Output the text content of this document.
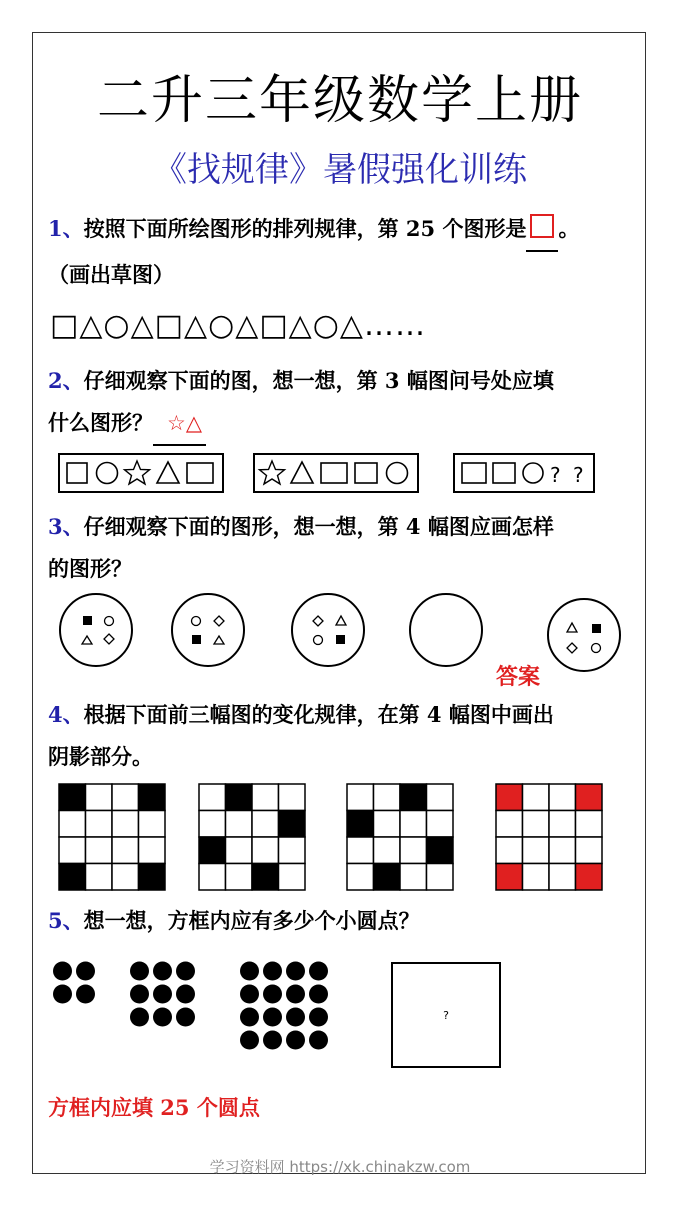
二升三年级数学上册
《找规律》暑假强化训练
1、按照下面所绘图形的排列规律，第 25 个图形是 。
（画出草图）
□△○△□△○△□△○△……
2、仔细观察下面的图，想一想，第 3 幅图问号处应填
什么图形？ ☆△
? ?
3、仔细观察下面的图形，想一想，第 4 幅图应画怎样
的图形？
答案
4、根据下面前三幅图的变化规律，在第 4 幅图中画出
阴影部分。
5、想一想，方框内应有多少个小圆点？
?
方框内应填 25 个圆点
学习资料网 https://xk.chinakzw.com
